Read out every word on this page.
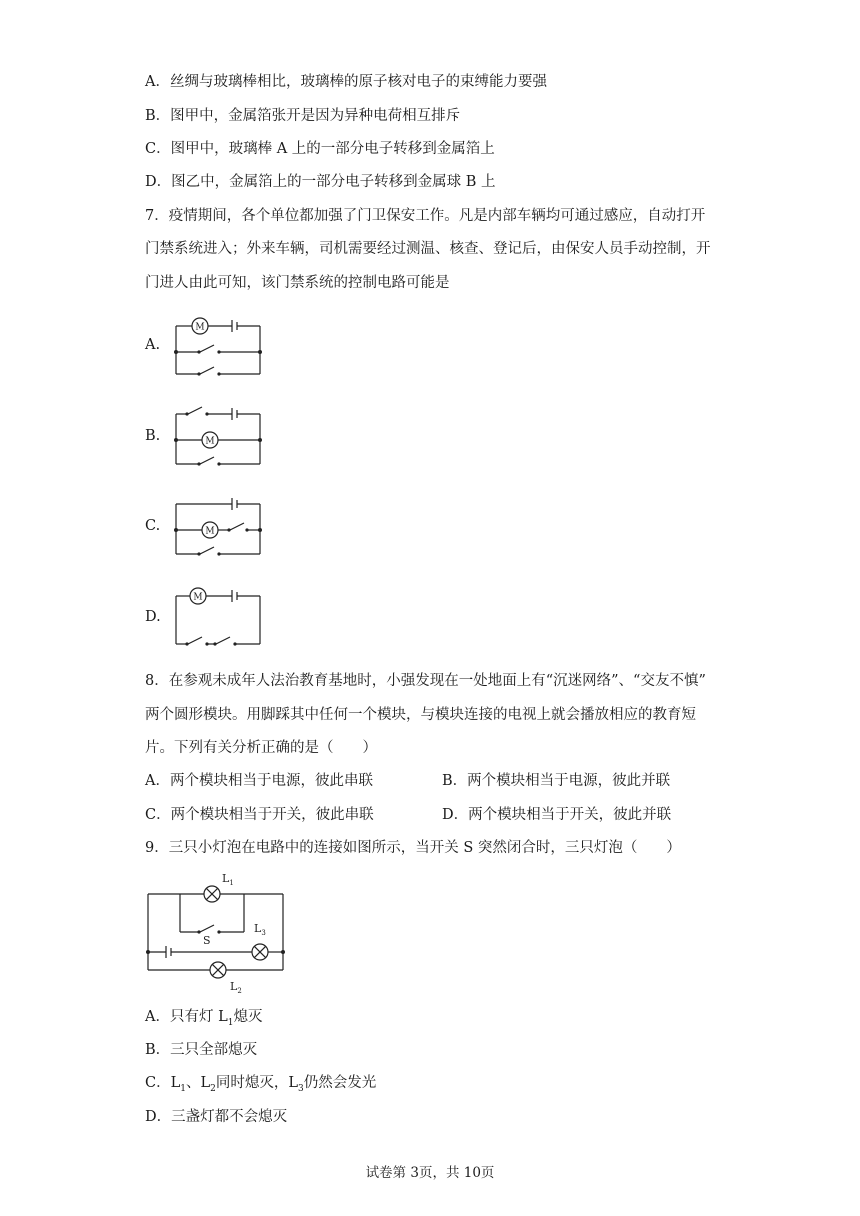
A．丝绸与玻璃棒相比，玻璃棒的原子核对电子的束缚能力要强
B．图甲中，金属箔张开是因为异种电荷相互排斥
C．图甲中，玻璃棒 A 上的一部分电子转移到金属箔上
D．图乙中，金属箔上的一部分电子转移到金属球 B 上
7．疫情期间，各个单位都加强了门卫保安工作。凡是内部车辆均可通过感应，自动打开
门禁系统进入；外来车辆，司机需要经过测温、核查、登记后，由保安人员手动控制，开
门进人由此可知，该门禁系统的控制电路可能是
A.
M
B.	M
C.	M
D.
M
8．在参观未成年人法治教育基地时，小强发现在一处地面上有“沉迷网络”、“交友不慎”
两个圆形模块。用脚踩其中任何一个模块，与模块连接的电视上就会播放相应的教育短
片。下列有关分析正确的是（　　）
A．两个模块相当于电源，彼此串联	B．两个模块相当于电源，彼此并联
C．两个模块相当于开关，彼此串联	D．两个模块相当于开关，彼此并联
9．三只小灯泡在电路中的连接如图所示，当开关 S 突然闭合时，三只灯泡（　　）
$L_1$
$L_3$
$L_2$
S
A．只有灯 $L_1$熄灭
B．三只全部熄灭
C．$L_1$、$L_2$同时熄灭，$L_3$仍然会发光
D．三盏灯都不会熄灭
试卷第 3页，共 10页
